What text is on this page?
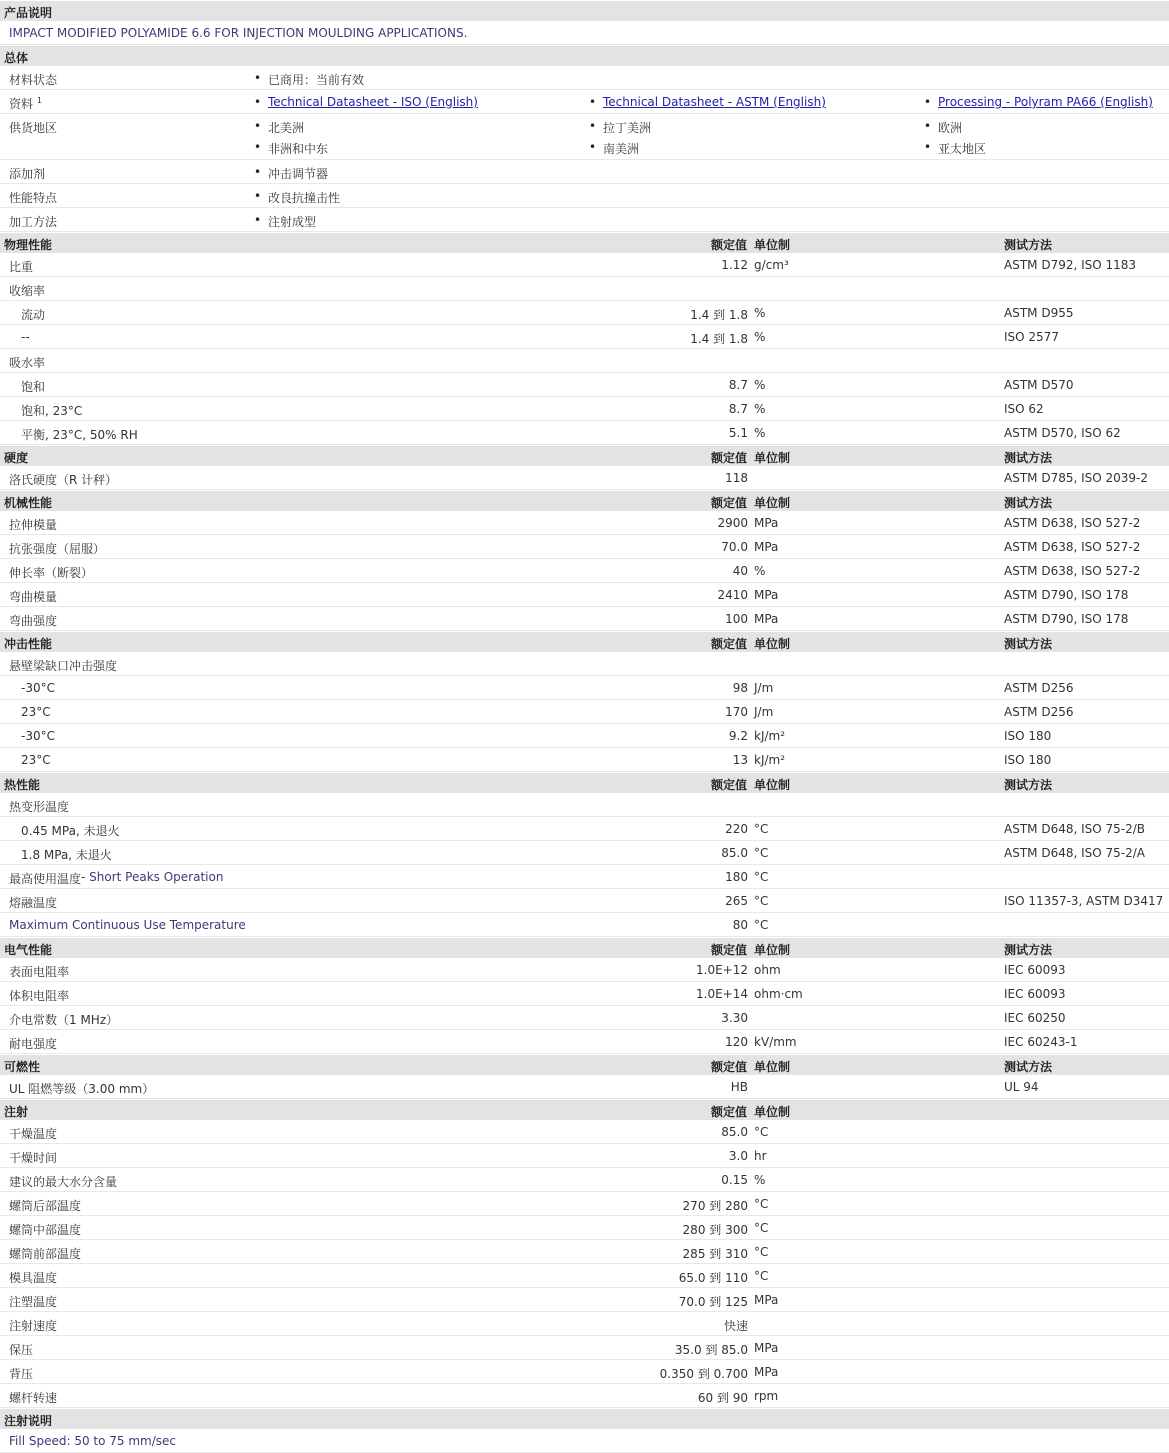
产品说明
IMPACT MODIFIED POLYAMIDE 6.6 FOR INJECTION MOULDING APPLICATIONS.
总体
材料状态	• 已商用：当前有效
资料 $^1$	• Technical Datasheet - ISO (English)	• Technical Datasheet - ASTM (English)	• Processing - Polyram PA66 (English)
供货地区	• 北美洲	• 拉丁美洲	• 欧洲
• 非洲和中东	• 南美洲	• 亚太地区
添加剂	• 冲击调节器
性能特点	• 改良抗撞击性
加工方法	• 注射成型
物理性能	额定值 单位制	测试方法
比重	1.12 g/cm³	ASTM D792, ISO 1183
收缩率
流动	1.4 到 1.8 %	ASTM D955
--	1.4 到 1.8 %	ISO 2577
吸水率
饱和	8.7 %	ASTM D570
饱和, 23°C	8.7 %	ISO 62
平衡, 23°C, 50% RH	5.1 %	ASTM D570, ISO 62
硬度	额定值 单位制	测试方法
洛氏硬度（R 计秤）	118	ASTM D785, ISO 2039-2
机械性能	额定值 单位制	测试方法
拉伸模量	2900 MPa	ASTM D638, ISO 527-2
抗张强度（屈服）	70.0 MPa	ASTM D638, ISO 527-2
伸长率（断裂）	40 %	ASTM D638, ISO 527-2
弯曲模量	2410 MPa	ASTM D790, ISO 178
弯曲强度	100 MPa	ASTM D790, ISO 178
冲击性能	额定值 单位制	测试方法
悬壁梁缺口冲击强度
-30°C	98 J/m	ASTM D256
23°C	170 J/m	ASTM D256
-30°C	9.2 kJ/m²	ISO 180
23°C	13 kJ/m²	ISO 180
热性能	额定值 单位制	测试方法
热变形温度
0.45 MPa, 未退火	220 °C	ASTM D648, ISO 75-2/B
1.8 MPa, 未退火	85.0 °C	ASTM D648, ISO 75-2/A
最高使用温度 - Short Peaks Operation	180 °C
熔融温度	265 °C	ISO 11357-3, ASTM D3417
Maximum Continuous Use Temperature	80 °C
电气性能	额定值 单位制	测试方法
表面电阻率	1.0E+12 ohm	IEC 60093
体积电阻率	1.0E+14 ohm·cm	IEC 60093
介电常数（1 MHz）	3.30	IEC 60250
耐电强度	120 kV/mm	IEC 60243-1
可燃性	额定值 单位制	测试方法
UL 阻燃等级（3.00 mm）	HB	UL 94
注射	额定值 单位制
干燥温度	85.0 °C
干燥时间	3.0 hr
建议的最大水分含量	0.15 %
螺筒后部温度	270 到 280 °C
螺筒中部温度	280 到 300 °C
螺筒前部温度	285 到 310 °C
模具温度	65.0 到 110 °C
注塑温度	70.0 到 125 MPa
注射速度	快速
保压	35.0 到 85.0 MPa
背压	0.350 到 0.700 MPa
螺杆转速	60 到 90 rpm
注射说明
Fill Speed: 50 to 75 mm/sec
